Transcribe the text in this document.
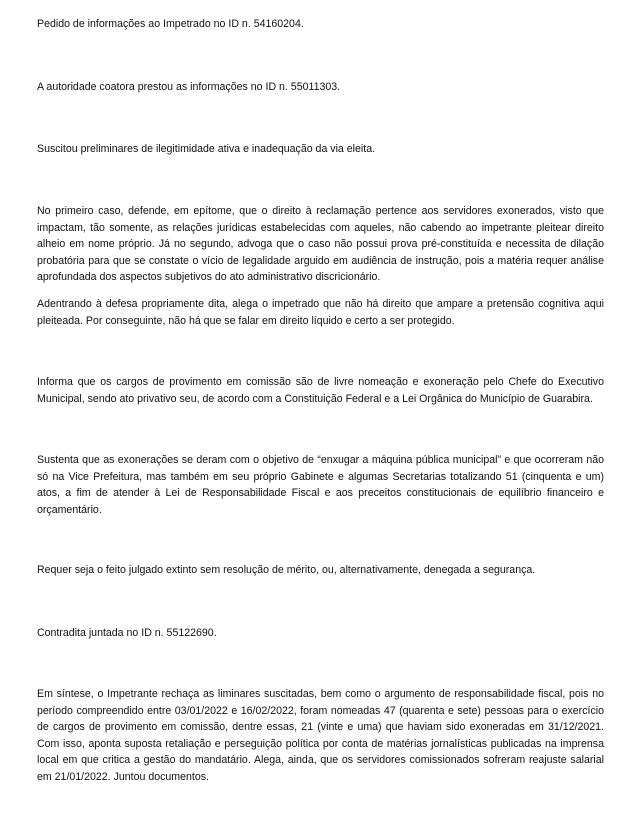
Pedido de informações ao Impetrado no ID n. 54160204.

A autoridade coatora prestou as informações no ID n. 55011303.

Suscitou preliminares de ilegitimidade ativa e inadequação da via eleita.

No primeiro caso, defende, em epítome, que o direito à reclamação pertence aos servidores exonerados, visto que impactam, tão somente, as relações jurídicas estabelecidas com aqueles, não cabendo ao impetrante pleitear direito alheio em nome próprio. Já no segundo, advoga que o caso não possui prova pré-constituída e necessita de dilação probatória para que se constate o vício de legalidade arguido em audiência de instrução, pois a matéria requer análise aprofundada dos aspectos subjetivos do ato administrativo discricionário.

Adentrando à defesa propriamente dita, alega o impetrado que não há direito que ampare a pretensão cognitiva aqui pleiteada. Por conseguinte, não há que se falar em direito líquido e certo a ser protegido.

Informa que os cargos de provimento em comissão são de livre nomeação e exoneração pelo Chefe do Executivo Municipal, sendo ato privativo seu, de acordo com a Constituição Federal e a Lei Orgânica do Município de Guarabira.

Sustenta que as exonerações se deram com o objetivo de “enxugar a máquina pública municipal” e que ocorreram não só na Vice Prefeitura, mas também em seu próprio Gabinete e algumas Secretarias totalizando 51 (cinquenta e um) atos, a fim de atender à Lei de Responsabilidade Fiscal e aos preceitos constitucionais de equilíbrio financeiro e orçamentário.

Requer seja o feito julgado extinto sem resolução de mérito, ou, alternativamente, denegada a segurança.

Contradita juntada no ID n. 55122690.

Em síntese, o Impetrante rechaça as liminares suscitadas, bem como o argumento de responsabilidade fiscal, pois no período compreendido entre 03/01/2022 e 16/02/2022, foram nomeadas 47 (quarenta e sete) pessoas para o exercício de cargos de provimento em comissão, dentre essas, 21 (vinte e uma) que haviam sido exoneradas em 31/12/2021. Com isso, aponta suposta retaliação e perseguição política por conta de matérias jornalísticas publicadas na imprensa local em que critica a gestão do mandatário. Alega, ainda, que os servidores comissionados sofreram reajuste salarial em 21/01/2022. Juntou documentos.
